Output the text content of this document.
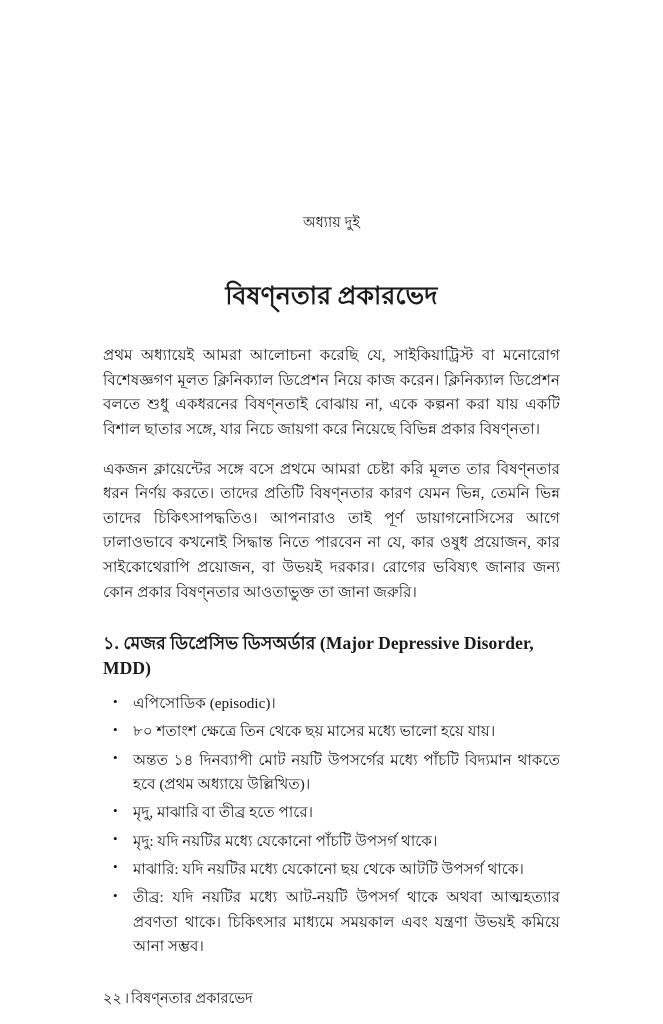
অধ্যায় দুই
বিষণ্নতার প্রকারভেদ

প্রথম অধ্যায়েই আমরা আলোচনা করেছি যে, সাইকিয়াট্রিস্ট বা মনোরোগ বিশেষজ্ঞগণ মূলত ক্লিনিক্যাল ডিপ্রেশন নিয়ে কাজ করেন। ক্লিনিক্যাল ডিপ্রেশন বলতে শুধু একধরনের বিষণ্নতাই বোঝায় না, একে কল্পনা করা যায় একটি বিশাল ছাতার সঙ্গে, যার নিচে জায়গা করে নিয়েছে বিভিন্ন প্রকার বিষণ্নতা।

একজন ক্লায়েন্টের সঙ্গে বসে প্রথমে আমরা চেষ্টা করি মূলত তার বিষণ্নতার ধরন নির্ণয় করতে। তাদের প্রতিটি বিষণ্নতার কারণ যেমন ভিন্ন, তেমনি ভিন্ন তাদের চিকিৎসাপদ্ধতিও। আপনারাও তাই পূর্ণ ডায়াগনোসিসের আগে ঢালাওভাবে কখনোই সিদ্ধান্ত নিতে পারবেন না যে, কার ওষুধ প্রয়োজন, কার সাইকোথেরাপি প্রয়োজন, বা উভয়ই দরকার। রোগের ভবিষ্যৎ জানার জন্য কোন প্রকার বিষণ্নতার আওতাভুক্ত তা জানা জরুরি।

১. মেজর ডিপ্রেসিভ ডিসঅর্ডার (Major Depressive Disorder, MDD)
• এপিসোডিক (episodic)।
• ৮০ শতাংশ ক্ষেত্রে তিন থেকে ছয় মাসের মধ্যে ভালো হয়ে যায়।
• অন্তত ১৪ দিনব্যাপী মোট নয়টি উপসর্গের মধ্যে পাঁচটি বিদ্যমান থাকতে হবে (প্রথম অধ্যায়ে উল্লিখিত)।
• মৃদু, মাঝারি বা তীব্র হতে পারে।
• মৃদু: যদি নয়টির মধ্যে যেকোনো পাঁচটি উপসর্গ থাকে।
• মাঝারি: যদি নয়টির মধ্যে যেকোনো ছয় থেকে আটটি উপসর্গ থাকে।
• তীব্র: যদি নয়টির মধ্যে আট-নয়টি উপসর্গ থাকে অথবা আত্মহত্যার প্রবণতা থাকে। চিকিৎসার মাধ্যমে সময়কাল এবং যন্ত্রণা উভয়ই কমিয়ে আনা সম্ভব।
২২ । বিষণ্নতার প্রকারভেদ
